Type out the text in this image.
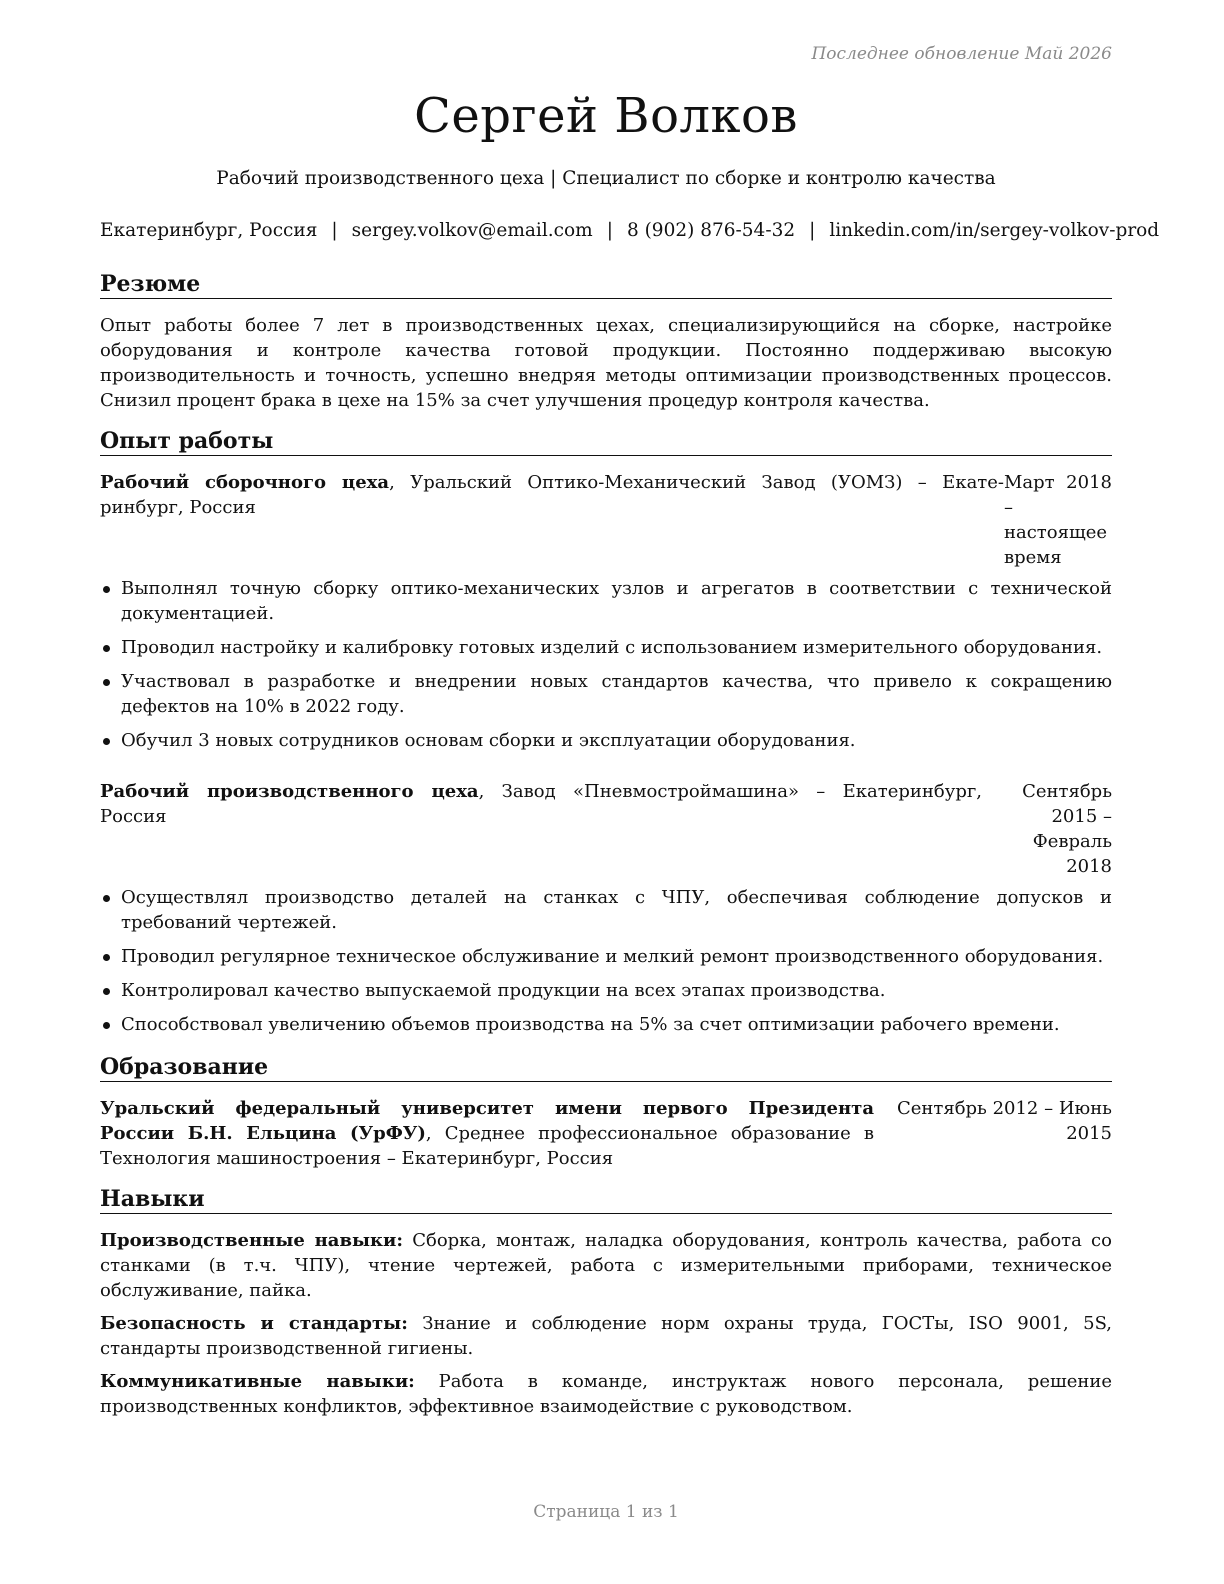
Последнее обновление Май 2026
Сергей Волков
Рабочий производственного цеха | Специалист по сборке и контролю качества
Екатеринбург, Россия | sergey.volkov@email.com | 8 (902) 876-54-32 | linkedin.com/in/sergey-volkov-prod
Резюме

Опыт работы более 7 лет в производственных цехах, специализирующийся на сборке, настройке оборудования и контроле качества готовой продукции. Постоянно поддерживаю высокую производительность и точность, успешно внедряя методы оптимизации производственных процессов. Снизил процент брака в цехе на 15% за счет улучшения процедур контроля качества.

Опыт работы
Рабочий сборочного цеха, Уральский Оптико-Механический Завод (УОМЗ) – Екатеринбург, Россия
Март 2018 – настоящее время
Выполнял точную сборку оптико-механических узлов и агрегатов в соответствии с технической документацией.
Проводил настройку и калибровку готовых изделий с использованием измерительного оборудования.
Участвовал в разработке и внедрении новых стандартов качества, что привело к сокращению дефектов на 10% в 2022 году.
Обучил 3 новых сотрудников основам сборки и эксплуатации оборудования.
Рабочий производственного цеха, Завод «Пневмостроймашина» – Екатеринбург, Россия
Сентябрь 2015 – Февраль 2018
Осуществлял производство деталей на станках с ЧПУ, обеспечивая соблюдение допусков и требований чертежей.
Проводил регулярное техническое обслуживание и мелкий ремонт производственного оборудования.
Контролировал качество выпускаемой продукции на всех этапах производства.
Способствовал увеличению объемов производства на 5% за счет оптимизации рабочего времени.
Образование
Уральский федеральный университет имени первого Президента России Б.Н. Ельцина (УрФУ), Среднее профессиональное образование в Технология машиностроения – Екатеринбург, Россия
Сентябрь 2012 – Июнь 2015
Навыки

Производственные навыки: Сборка, монтаж, наладка оборудования, контроль качества, работа со станками (в т.ч. ЧПУ), чтение чертежей, работа с измерительными приборами, техническое обслуживание, пайка.

Безопасность и стандарты: Знание и соблюдение норм охраны труда, ГОСТы, ISO 9001, 5S, стандарты производственной гигиены.

Коммуникативные навыки: Работа в команде, инструктаж нового персонала, решение производственных конфликтов, эффективное взаимодействие с руководством.

Страница 1 из 1
